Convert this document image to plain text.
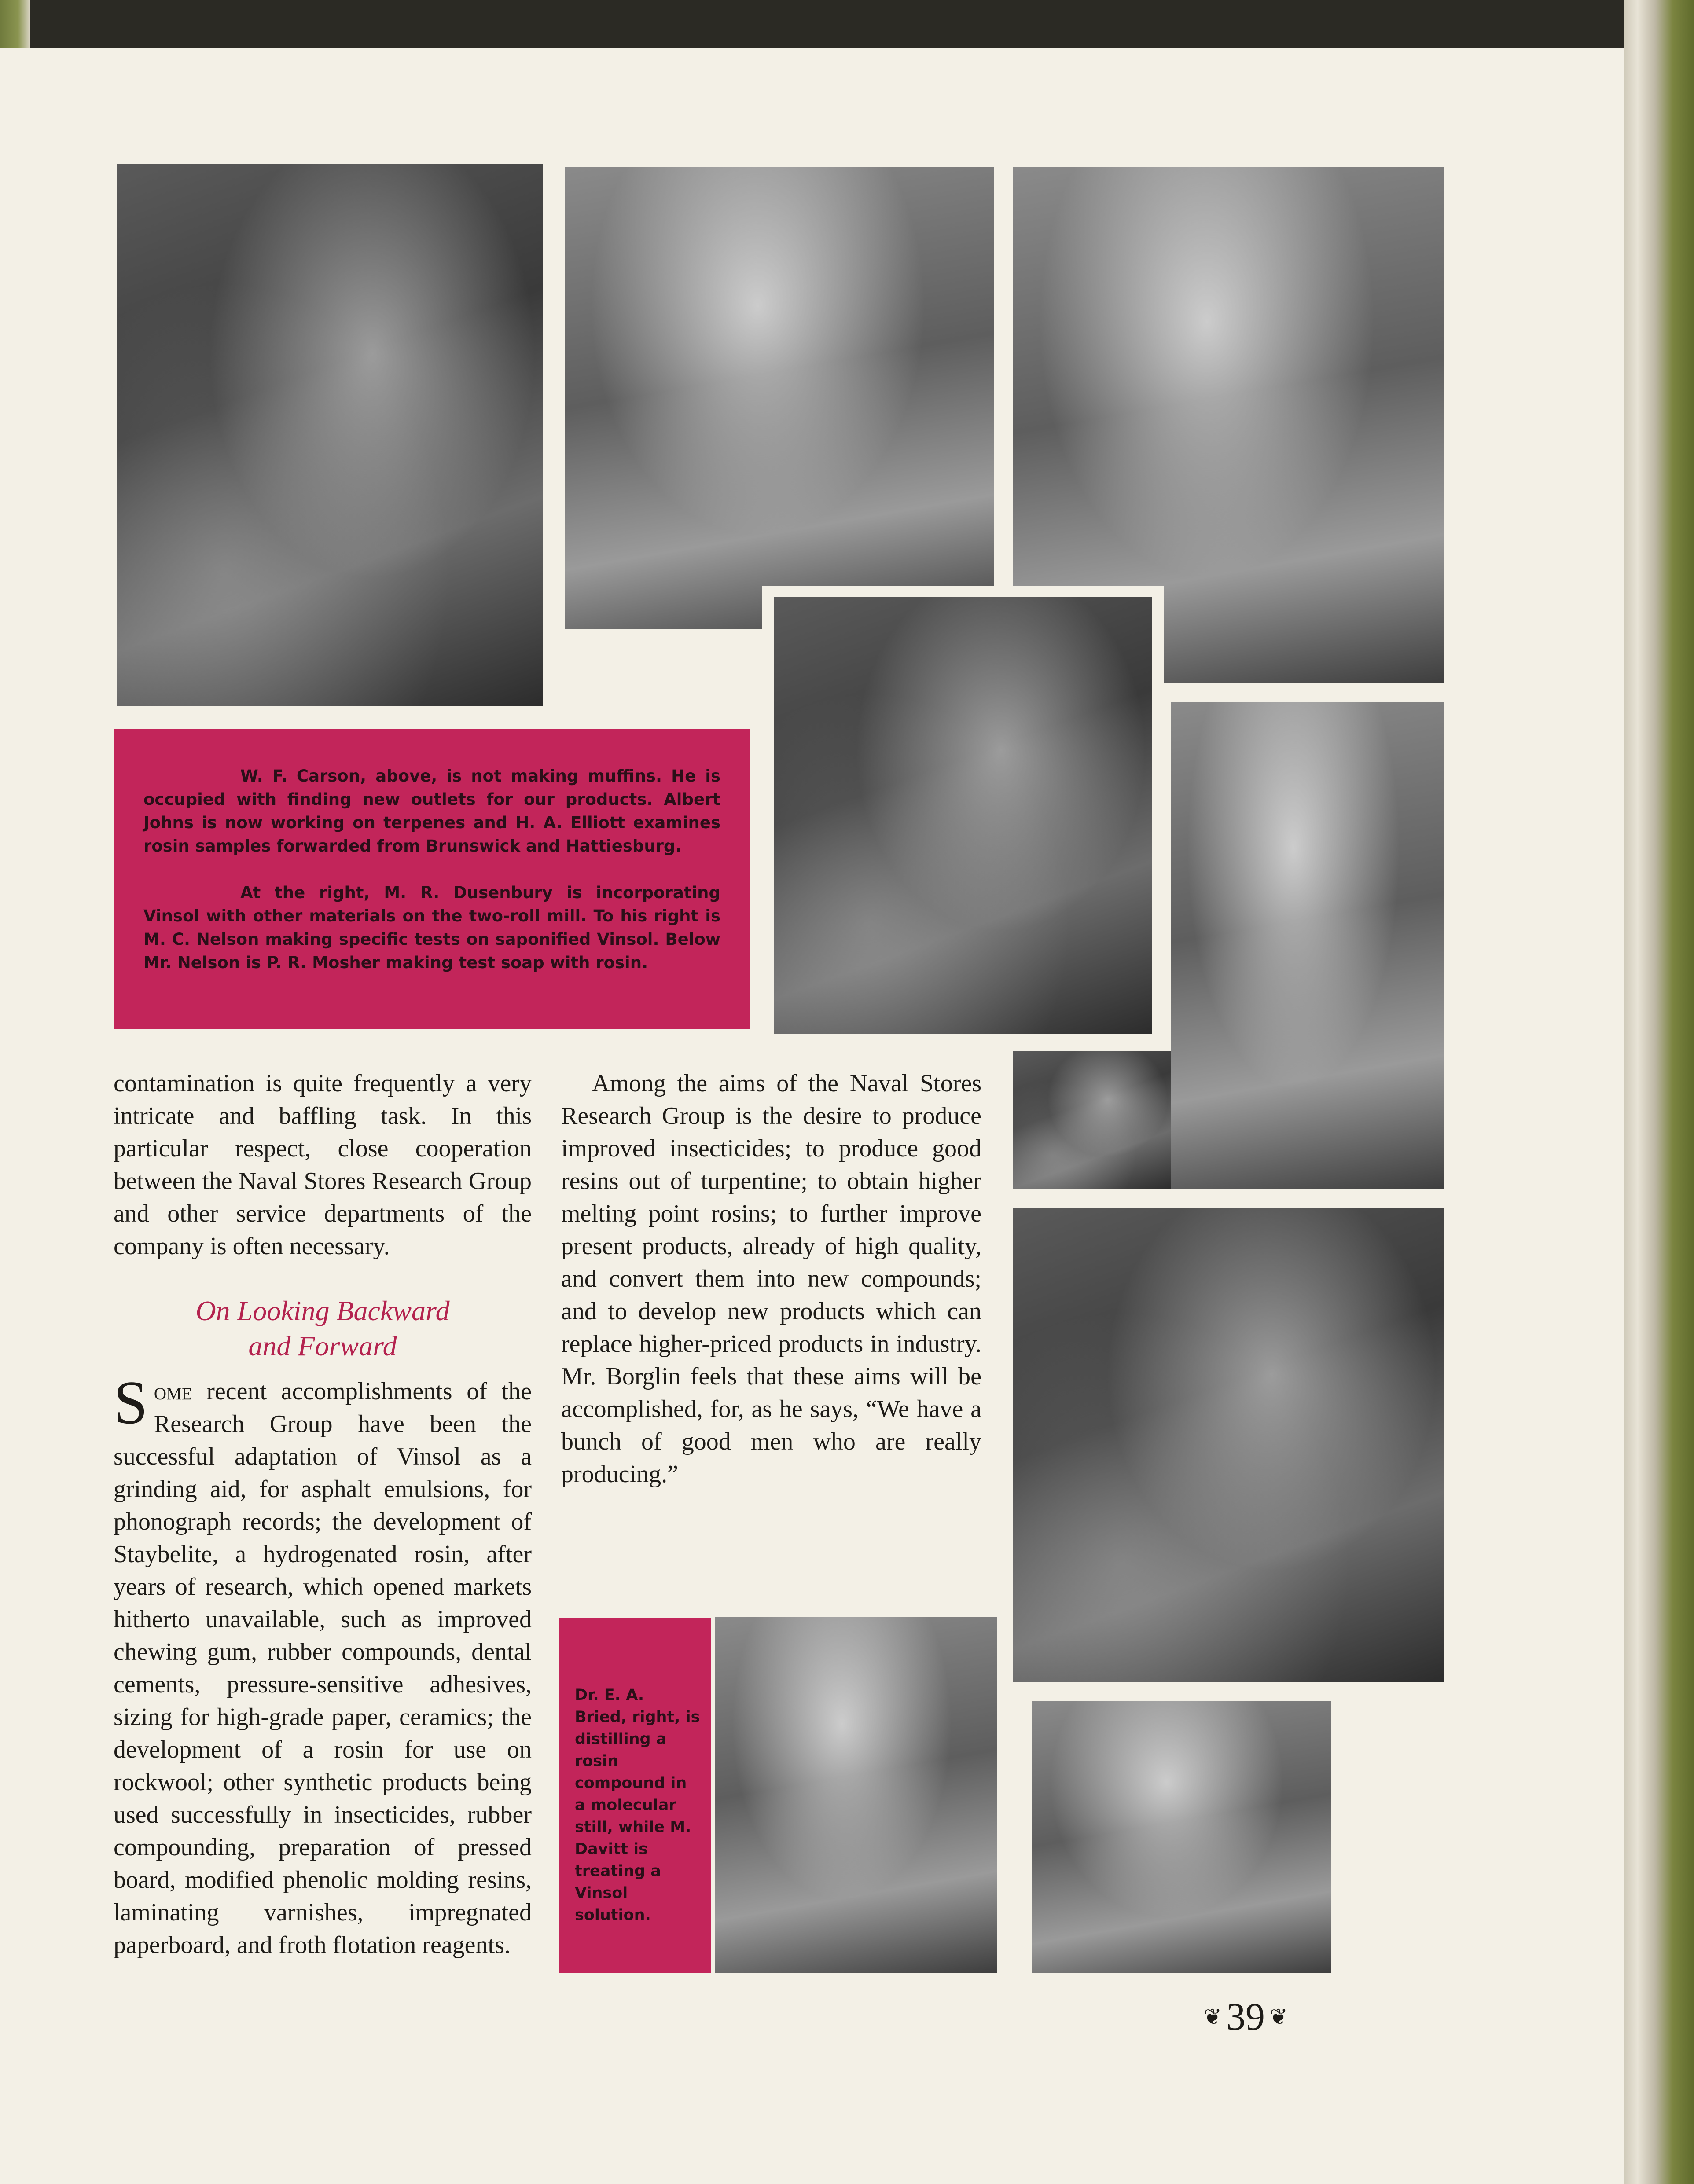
W. F. Carson, above, is not making muffins. He is occupied with finding new outlets for our products. Albert Johns is now working on terpenes and H. A. Elliott examines rosin samples forwarded from Brunswick and Hattiesburg.

At the right, M. R. Dusenbury is incorporating Vinsol with other materials on the two-roll mill. To his right is M. C. Nelson making specific tests on saponified Vinsol. Below Mr. Nelson is P. R. Mosher making test soap with rosin.

Dr. E. A. Bried, right, is distilling a rosin compound in a molecular still, while M. Davitt is treating a Vinsol solution.

contamination is quite frequently a very intricate and baffling task. In this particular respect, close cooperation between the Naval Stores Research Group and other service departments of the company is often necessary.

On Looking Backward
and Forward

Some recent accomplishments of the Research Group have been the successful adaptation of Vinsol as a grinding aid, for asphalt emulsions, for phonograph records; the development of Staybelite, a hydrogenated rosin, after years of research, which opened markets hitherto unavailable, such as improved chewing gum, rubber compounds, dental cements, pressure-sensitive adhesives, sizing for high-grade paper, ceramics; the development of a rosin for use on rockwool; other synthetic products being used successfully in insecticides, rubber compounding, preparation of pressed board, modified phenolic molding resins, laminating varnishes, impregnated paperboard, and froth flotation reagents.

Among the aims of the Naval Stores Research Group is the desire to produce improved insecticides; to produce good resins out of turpentine; to obtain higher melting point rosins; to further improve present products, already of high quality, and convert them into new compounds; and to develop new products which can replace higher-priced products in industry. Mr. Borglin feels that these aims will be accomplished, for, as he says, “We have a bunch of good men who are really producing.”

❦ 39 ❦
